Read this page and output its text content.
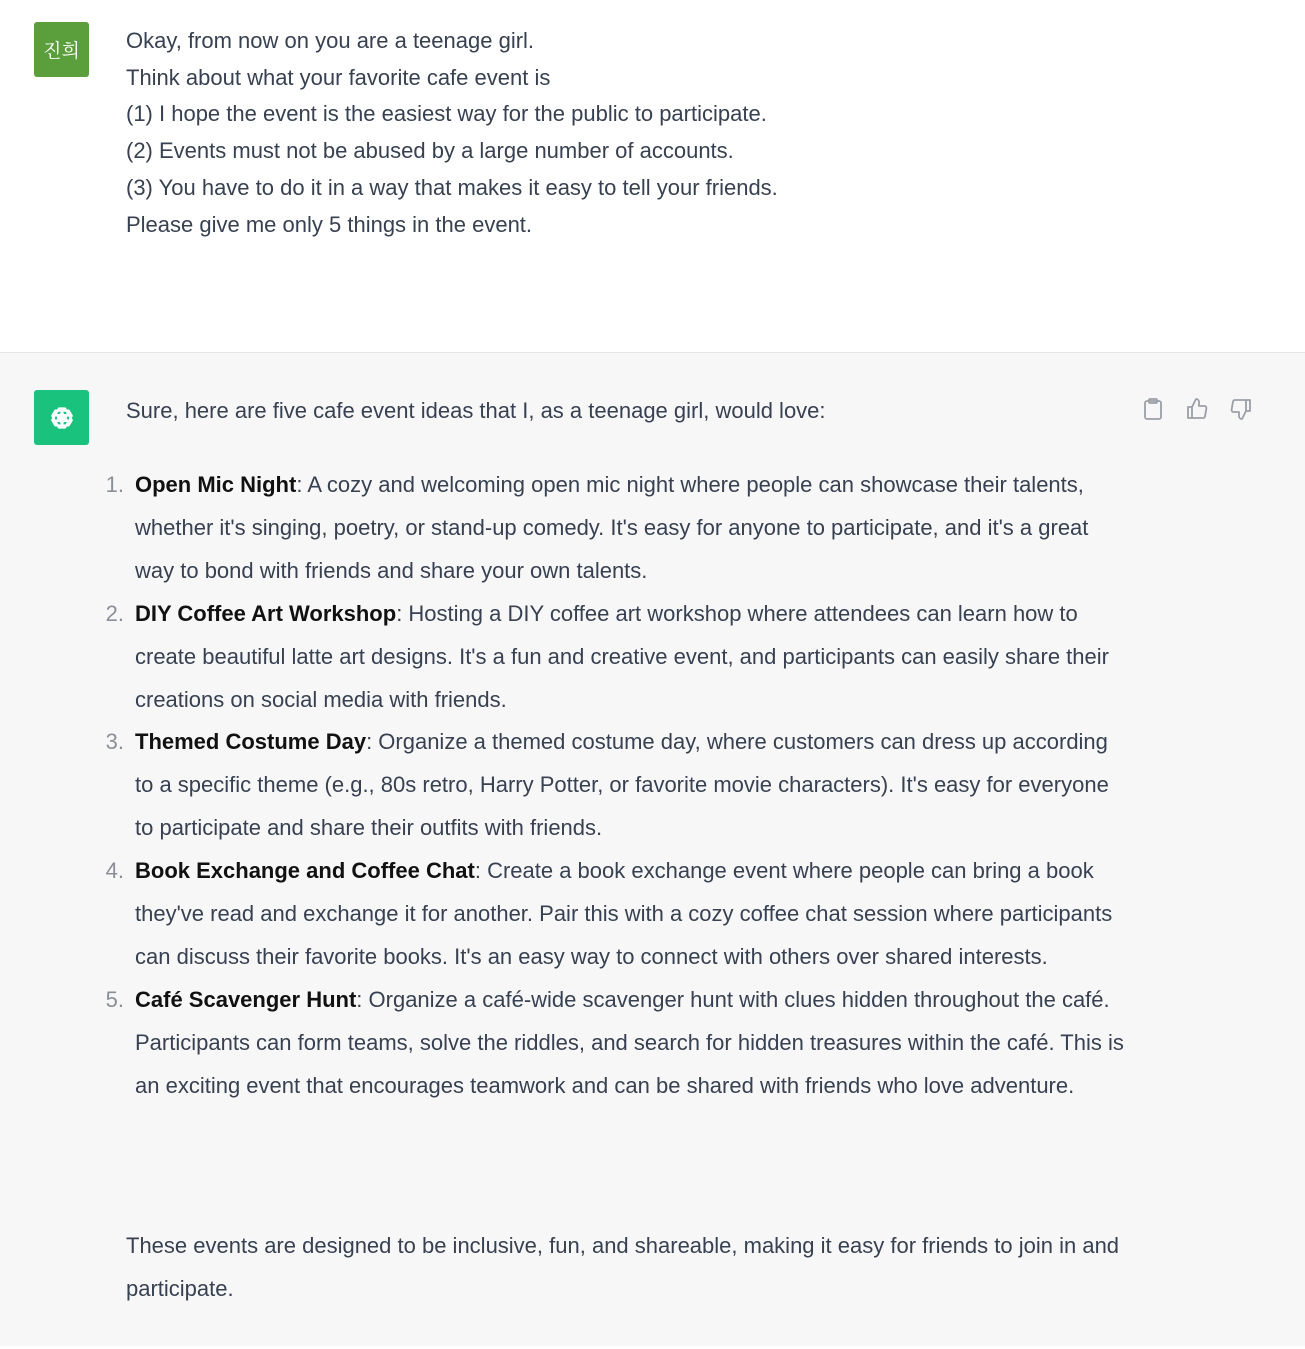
진희 Okay, from now on you are a teenage girl.

Think about what your favorite cafe event is

(1) I hope the event is the easiest way for the public to participate.

(2) Events must not be abused by a large number of accounts.

(3) You have to do it in a way that makes it easy to tell your friends.

Please give me only 5 things in the event.

Sure, here are five cafe event ideas that I, as a teenage girl, would love:

1. Open Mic Night: A cozy and welcoming open mic night where people can showcase their talents, whether it's singing, poetry, or stand-up comedy. It's easy for anyone to participate, and it's a great way to bond with friends and share your own talents.
2. DIY Coffee Art Workshop: Hosting a DIY coffee art workshop where attendees can learn how to create beautiful latte art designs. It's a fun and creative event, and participants can easily share their creations on social media with friends.
3. Themed Costume Day: Organize a themed costume day, where customers can dress up according to a specific theme (e.g., 80s retro, Harry Potter, or favorite movie characters). It's easy for everyone to participate and share their outfits with friends.
4. Book Exchange and Coffee Chat: Create a book exchange event where people can bring a book they've read and exchange it for another. Pair this with a cozy coffee chat session where participants can discuss their favorite books. It's an easy way to connect with others over shared interests.
5. Café Scavenger Hunt: Organize a café-wide scavenger hunt with clues hidden throughout the café. Participants can form teams, solve the riddles, and search for hidden treasures within the café. This is an exciting event that encourages teamwork and can be shared with friends who love adventure.

These events are designed to be inclusive, fun, and shareable, making it easy for friends to join in and participate.
